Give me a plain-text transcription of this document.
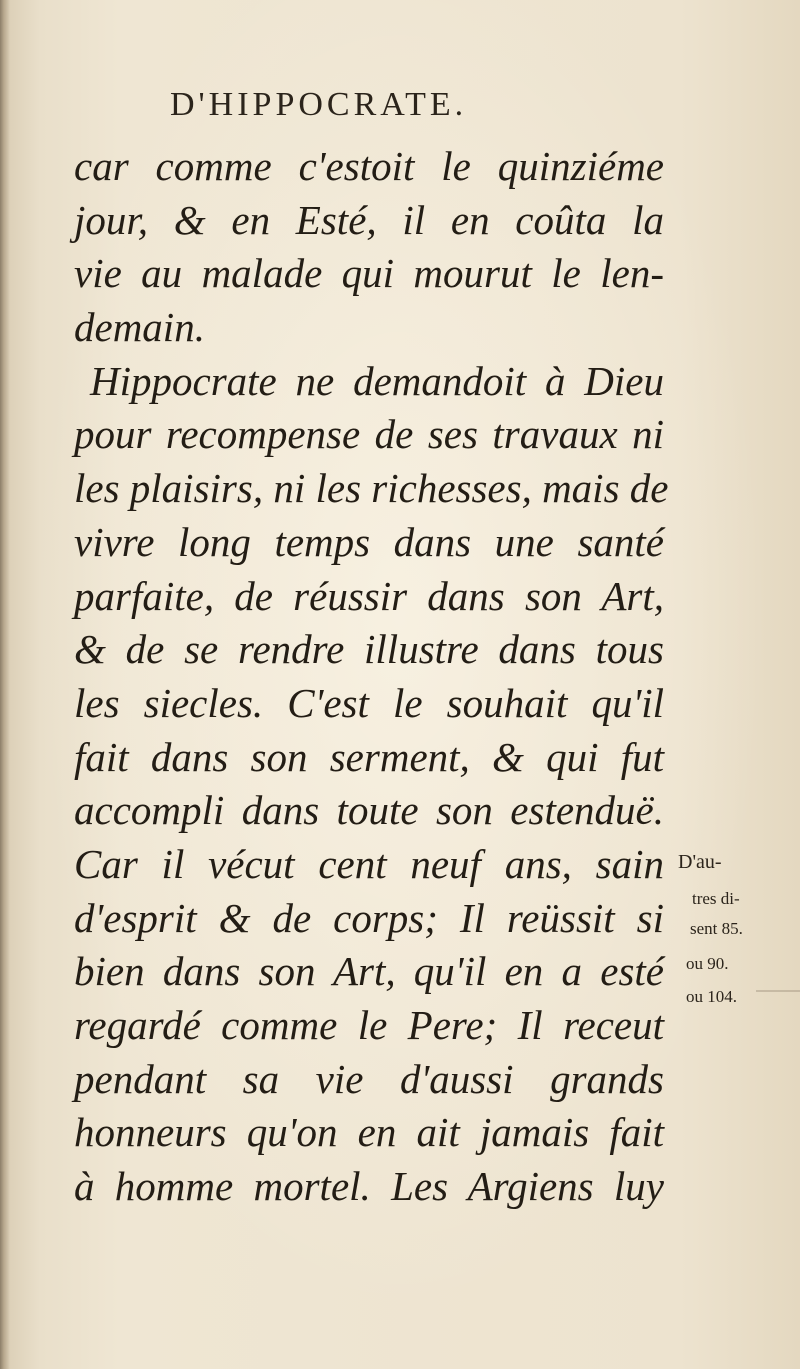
D'HIPPOCRATE.
car comme c'estoit le quinziéme
jour, & en Esté, il en coûta la
vie au malade qui mourut le len-
demain.
Hippocrate ne demandoit à Dieu
pour recompense de ses travaux ni
les plaisirs, ni les richesses, mais de
vivre long temps dans une santé
parfaite, de réussir dans son Art,
& de se rendre illustre dans tous
les siecles. C'est le souhait qu'il
fait dans son serment, & qui fut
accompli dans toute son estenduë.
Car il vécut cent neuf ans, sain
d'esprit & de corps; Il reüssit si
bien dans son Art, qu'il en a esté
regardé comme le Pere; Il receut
pendant sa vie d'aussi grands
honneurs qu'on en ait jamais fait
à homme mortel. Les Argiens luy
D'au-
tres di-
sent 85.
ou 90.
ou 104.
